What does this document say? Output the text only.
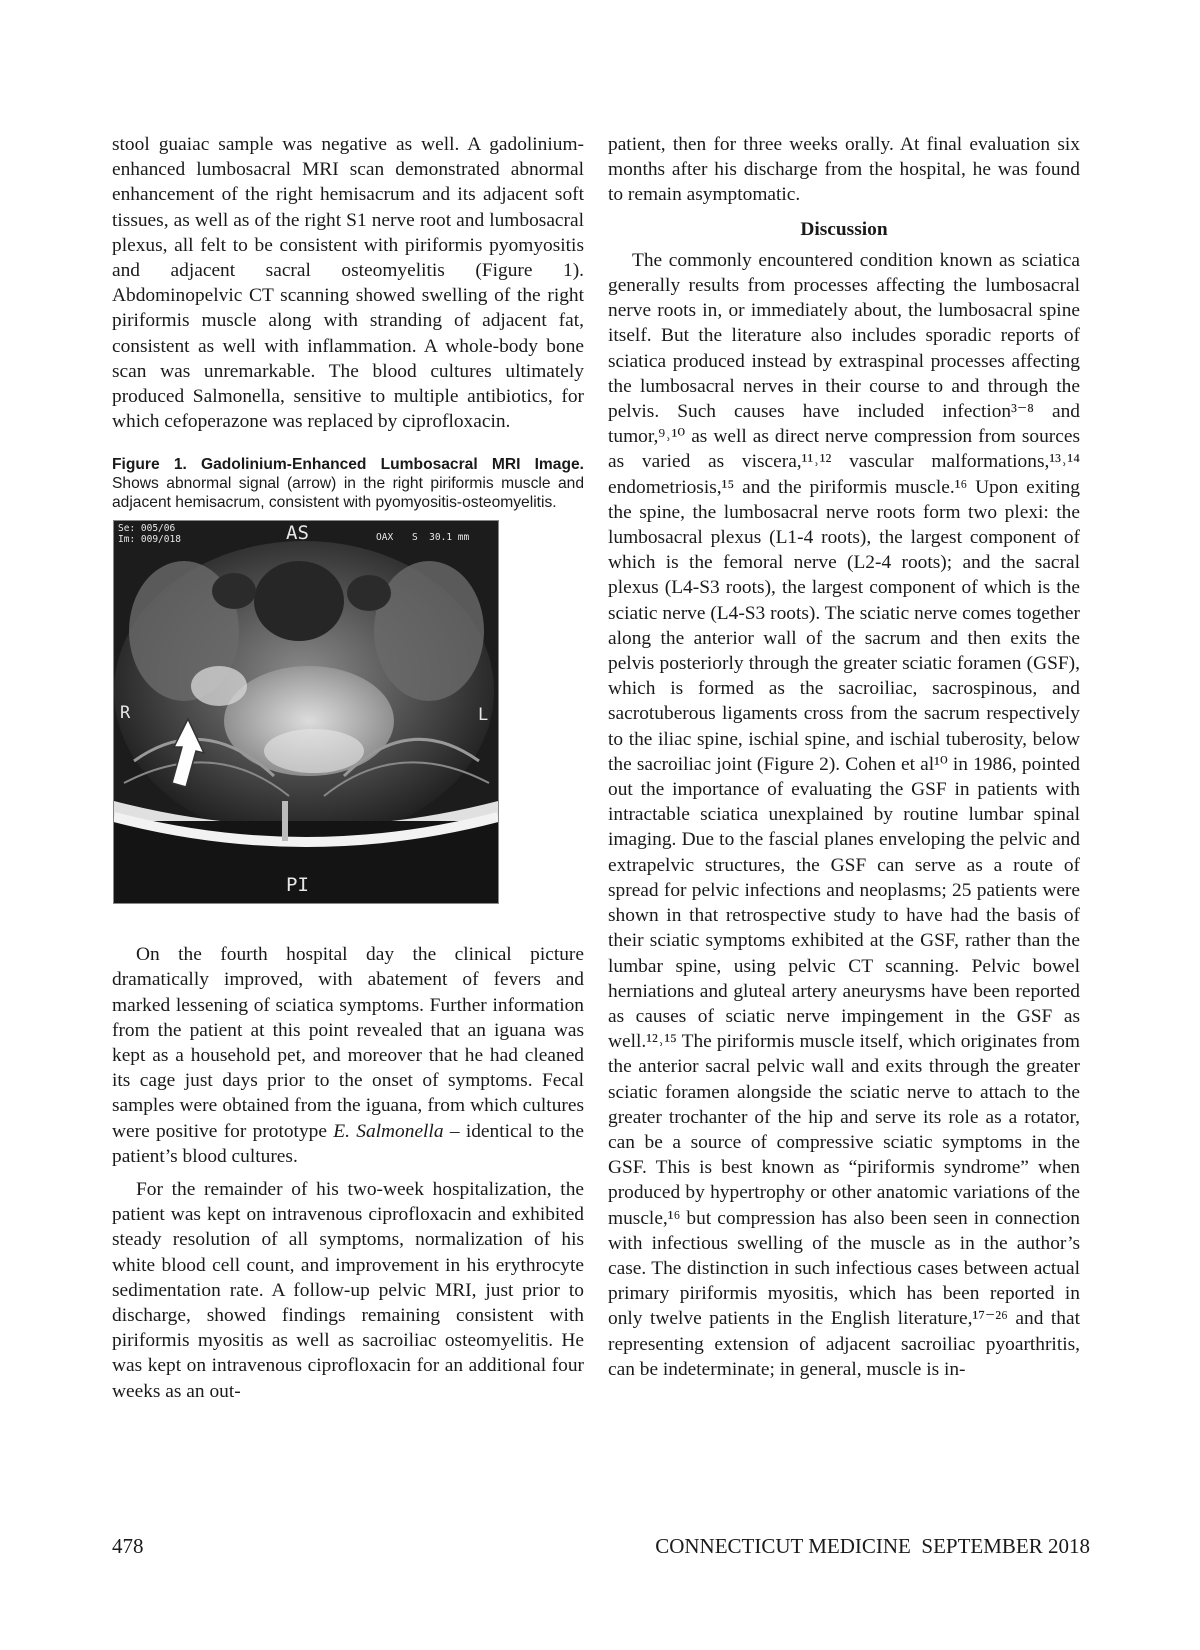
stool guaiac sample was negative as well. A gadolinium-enhanced lumbosacral MRI scan demonstrated abnormal enhancement of the right hemisacrum and its adjacent soft tissues, as well as of the right S1 nerve root and lumbosacral plexus, all felt to be consistent with piriformis pyomyositis and adjacent sacral osteomyelitis (Figure 1). Abdominopelvic CT scanning showed swelling of the right piriformis muscle along with stranding of adjacent fat, consistent as well with inflammation. A whole-body bone scan was unremarkable. The blood cultures ultimately produced Salmonella, sensitive to multiple antibiotics, for which cefoperazone was replaced by ciprofloxacin.

Figure 1. Gadolinium-Enhanced Lumbosacral MRI Image. Shows abnormal signal (arrow) in the right piriformis muscle and adjacent hemisacrum, consistent with pyomyositis-osteomyelitis.
Se: 005/06
Im: 009/018	OAX S  30.1 mm
AS
PI
R	L

On the fourth hospital day the clinical picture dramatically improved, with abatement of fevers and marked lessening of sciatica symptoms. Further information from the patient at this point revealed that an iguana was kept as a household pet, and moreover that he had cleaned its cage just days prior to the onset of symptoms. Fecal samples were obtained from the iguana, from which cultures were positive for prototype E. Salmonella – identical to the patient’s blood cultures.

For the remainder of his two-week hospitalization, the patient was kept on intravenous ciprofloxacin and exhibited steady resolution of all symptoms, normalization of his white blood cell count, and improvement in his erythrocyte sedimentation rate. A follow-up pelvic MRI, just prior to discharge, showed findings remaining consistent with piriformis myositis as well as sacroiliac osteomyelitis. He was kept on intravenous ciprofloxacin for an additional four weeks as an out-

patient, then for three weeks orally. At final evaluation six months after his discharge from the hospital, he was found to remain asymptomatic.

Discussion

The commonly encountered condition known as sciatica generally results from processes affecting the lumbosacral nerve roots in, or immediately about, the lumbosacral spine itself. But the literature also includes sporadic reports of sciatica produced instead by extraspinal processes affecting the lumbosacral nerves in their course to and through the pelvis. Such causes have included infection³⁻⁸ and tumor,⁹˒¹⁰ as well as direct nerve compression from sources as varied as viscera,¹¹˒¹² vascular malformations,¹³˒¹⁴ endometriosis,¹⁵ and the piriformis muscle.¹⁶ Upon exiting the spine, the lumbosacral nerve roots form two plexi: the lumbosacral plexus (L1-4 roots), the largest component of which is the femoral nerve (L2-4 roots); and the sacral plexus (L4-S3 roots), the largest component of which is the sciatic nerve (L4-S3 roots). The sciatic nerve comes together along the anterior wall of the sacrum and then exits the pelvis posteriorly through the greater sciatic foramen (GSF), which is formed as the sacroiliac, sacrospinous, and sacrotuberous ligaments cross from the sacrum respectively to the iliac spine, ischial spine, and ischial tuberosity, below the sacroiliac joint (Figure 2). Cohen et al¹⁰ in 1986, pointed out the importance of evaluating the GSF in patients with intractable sciatica unexplained by routine lumbar spinal imaging. Due to the fascial planes enveloping the pelvic and extrapelvic structures, the GSF can serve as a route of spread for pelvic infections and neoplasms; 25 patients were shown in that retrospective study to have had the basis of their sciatic symptoms exhibited at the GSF, rather than the lumbar spine, using pelvic CT scanning. Pelvic bowel herniations and gluteal artery aneurysms have been reported as causes of sciatic nerve impingement in the GSF as well.¹²˒¹⁵ The piriformis muscle itself, which originates from the anterior sacral pelvic wall and exits through the greater sciatic foramen alongside the sciatic nerve to attach to the greater trochanter of the hip and serve its role as a rotator, can be a source of compressive sciatic symptoms in the GSF. This is best known as “piriformis syndrome” when produced by hypertrophy or other anatomic variations of the muscle,¹⁶ but compression has also been seen in connection with infectious swelling of the muscle as in the author’s case. The distinction in such infectious cases between actual primary piriformis myositis, which has been reported in only twelve patients in the English literature,¹⁷⁻²⁶ and that representing extension of adjacent sacroiliac pyoarthritis, can be indeterminate; in general, muscle is in-

478	CONNECTICUT MEDICINE  SEPTEMBER 2018
